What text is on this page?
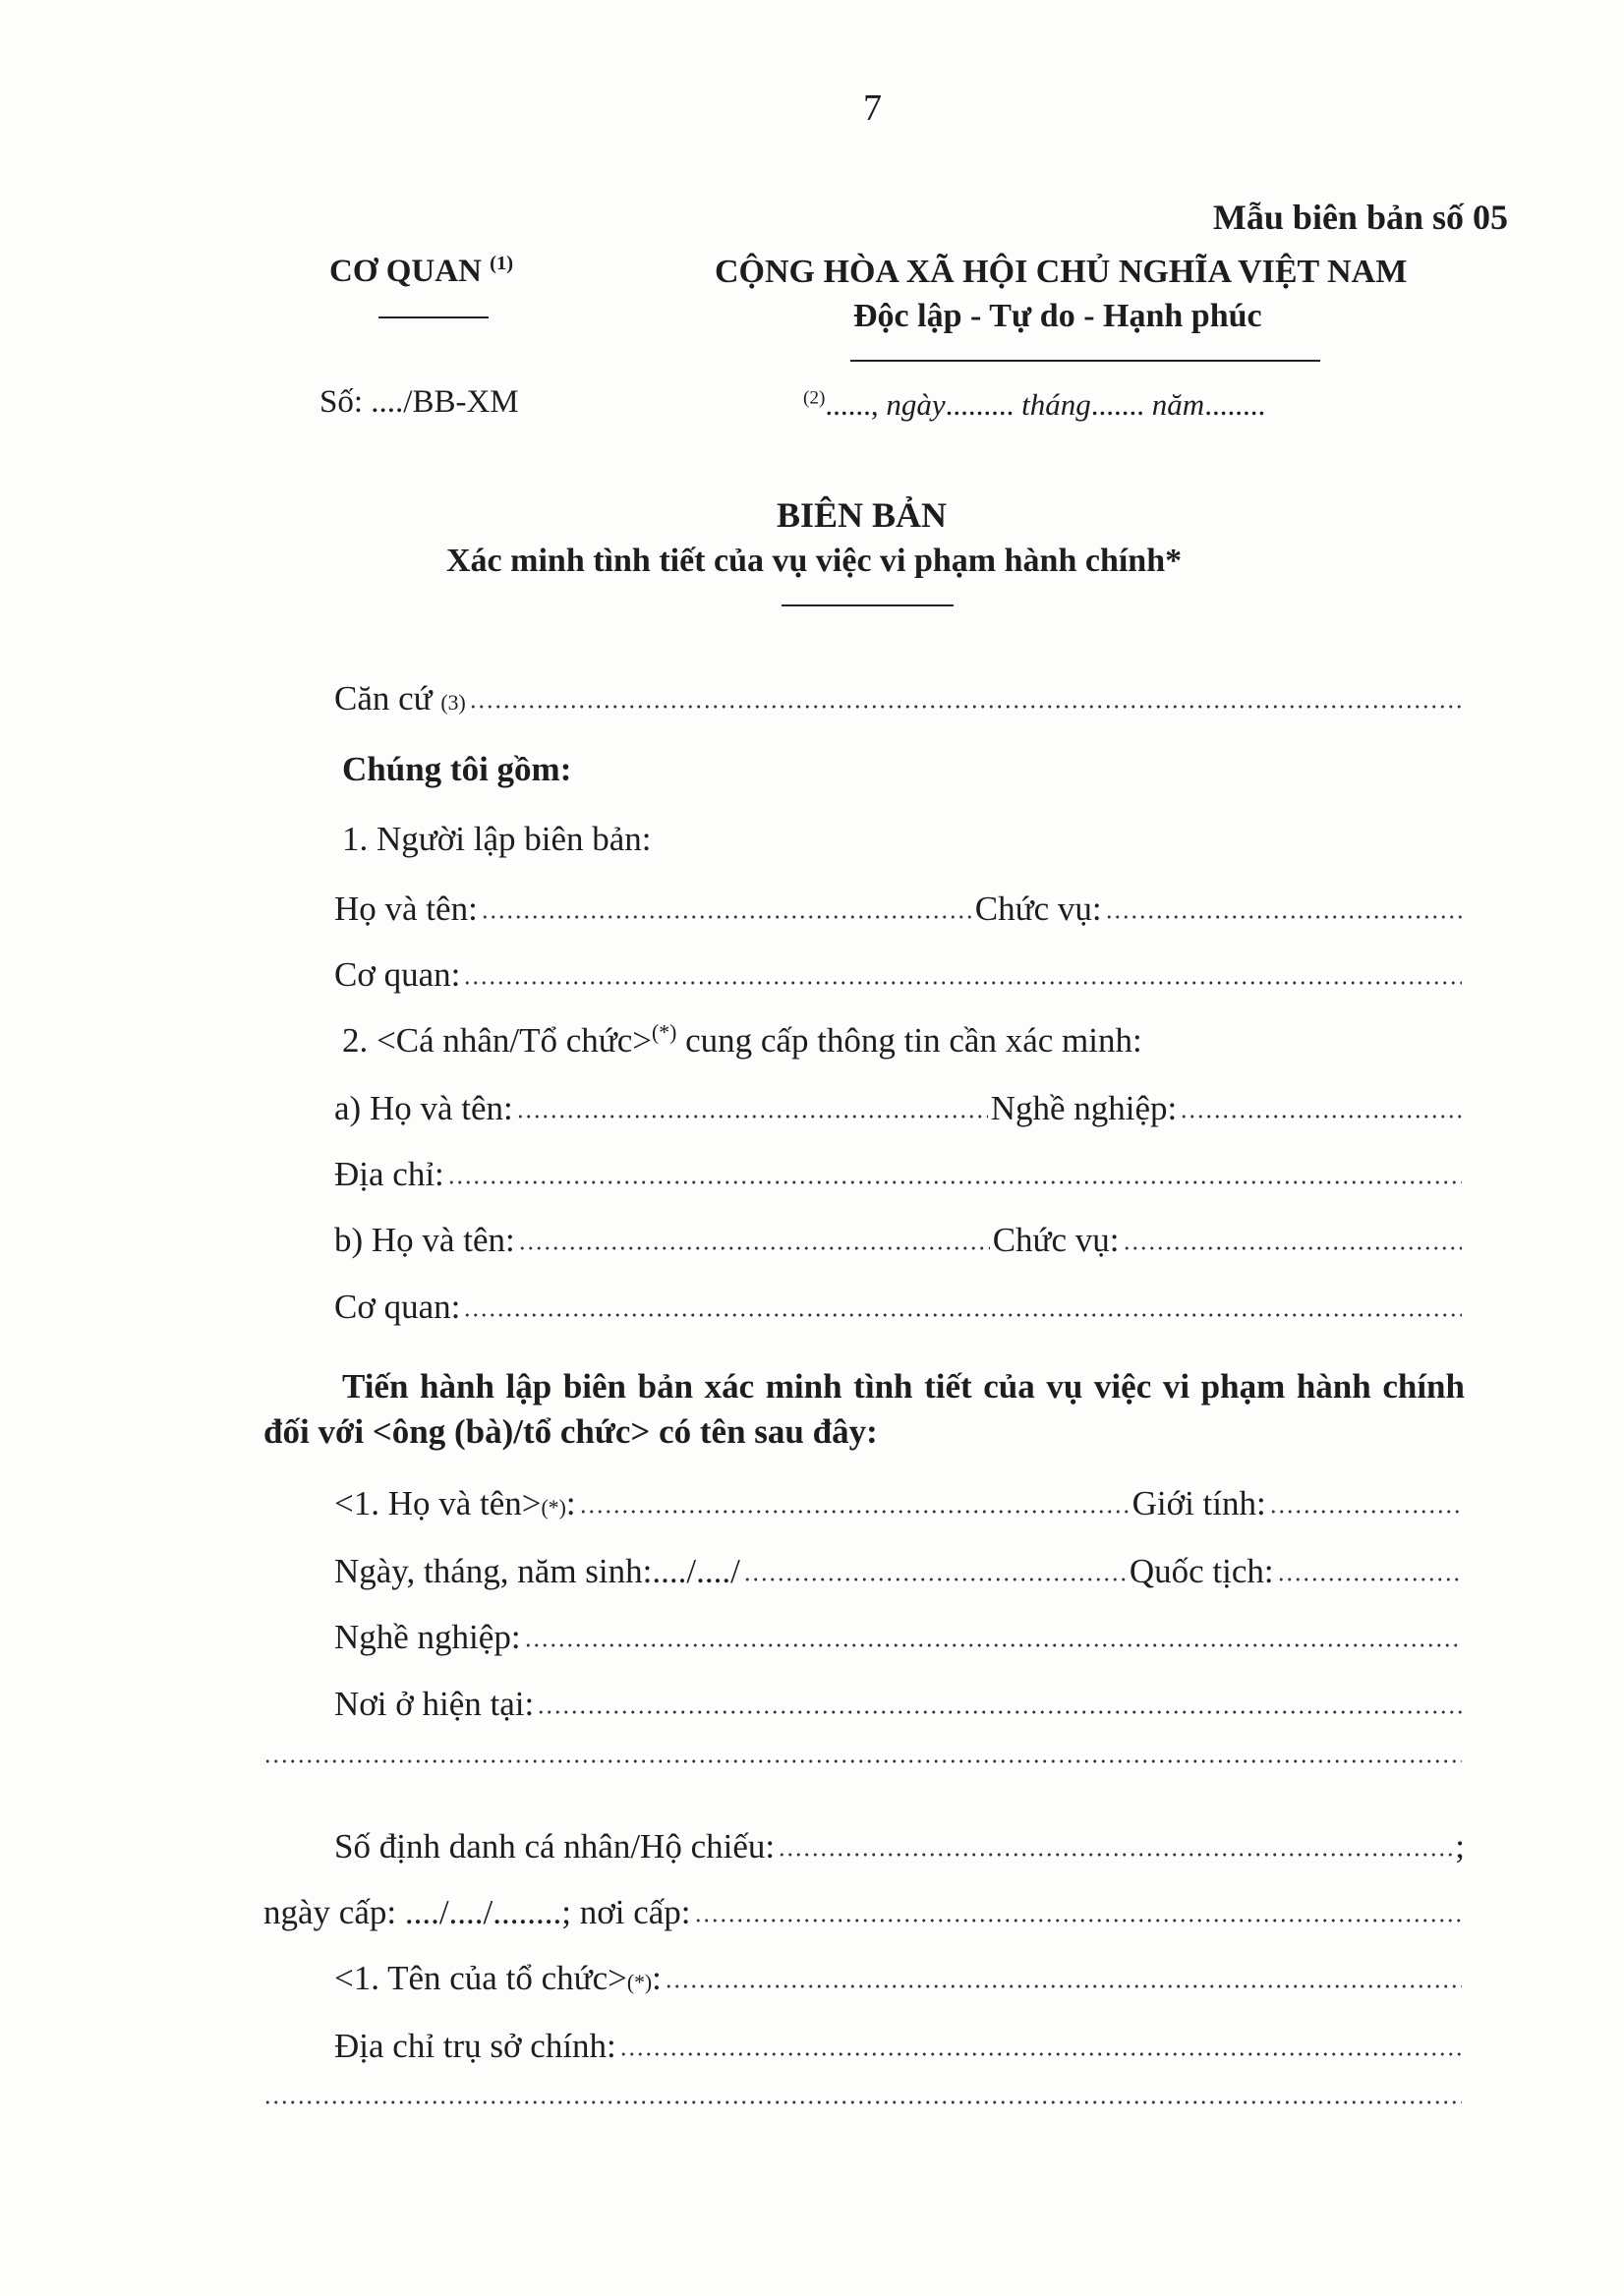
7
Mẫu biên bản số 05
CƠ QUAN $^{(1)}$
Số: ..../BB-XM
CỘNG HÒA XÃ HỘI CHỦ NGHĨA VIỆT NAM
Độc lập - Tự do - Hạnh phúc
$^{(2)}$......, ngày......... tháng....... năm........
BIÊN BẢN
Xác minh tình tiết của vụ việc vi phạm hành chính*
Căn cứ
(3)
Chúng tôi gồm:
1. Người lập biên bản:
Họ và tên:	Chức vụ:
Cơ quan:
2. <Cá nhân/Tổ chức>(*) cung cấp thông tin cần xác minh:
a) Họ và tên:	Nghề nghiệp:
Địa chỉ:
b) Họ và tên:	Chức vụ:
Cơ quan:
Tiến hành lập biên bản xác minh tình tiết của vụ việc vi phạm hành chính đối với <ông (bà)/tổ chức> có tên sau đây:
<1. Họ và tên> (*) :	Giới tính:
Ngày, tháng, năm sinh:..../..../	Quốc tịch:
Nghề nghiệp:
Nơi ở hiện tại:
Số định danh cá nhân/Hộ chiếu:	;
ngày cấp: ..../..../........; nơi cấp:
<1. Tên của tổ chức> (*) :
Địa chỉ trụ sở chính:
